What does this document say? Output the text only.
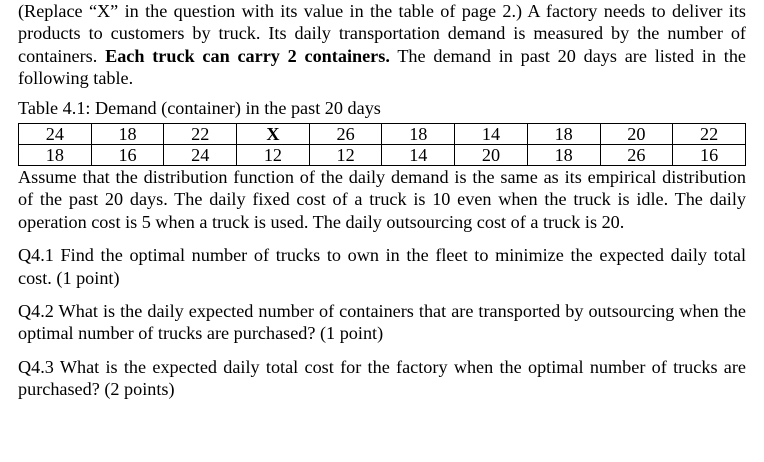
(Replace “X” in the question with its value in the table of page 2.) A factory needs to deliver its products to customers by truck. Its daily transportation demand is measured by the number of containers. Each truck can carry 2 containers. The demand in past 20 days are listed in the following table.

Table 4.1: Demand (container) in the past 20 days

24	18	22	X	26	18	14	18	20	22
18	16	24	12	12	14	20	18	26	16

Assume that the distribution function of the daily demand is the same as its empirical distribution of the past 20 days. The daily fixed cost of a truck is 10 even when the truck is idle. The daily operation cost is 5 when a truck is used. The daily outsourcing cost of a truck is 20.

Q4.1 Find the optimal number of trucks to own in the fleet to minimize the expected daily total cost. (1 point)

Q4.2 What is the daily expected number of containers that are transported by outsourcing when the optimal number of trucks are purchased? (1 point)

Q4.3 What is the expected daily total cost for the factory when the optimal number of trucks are purchased? (2 points)
